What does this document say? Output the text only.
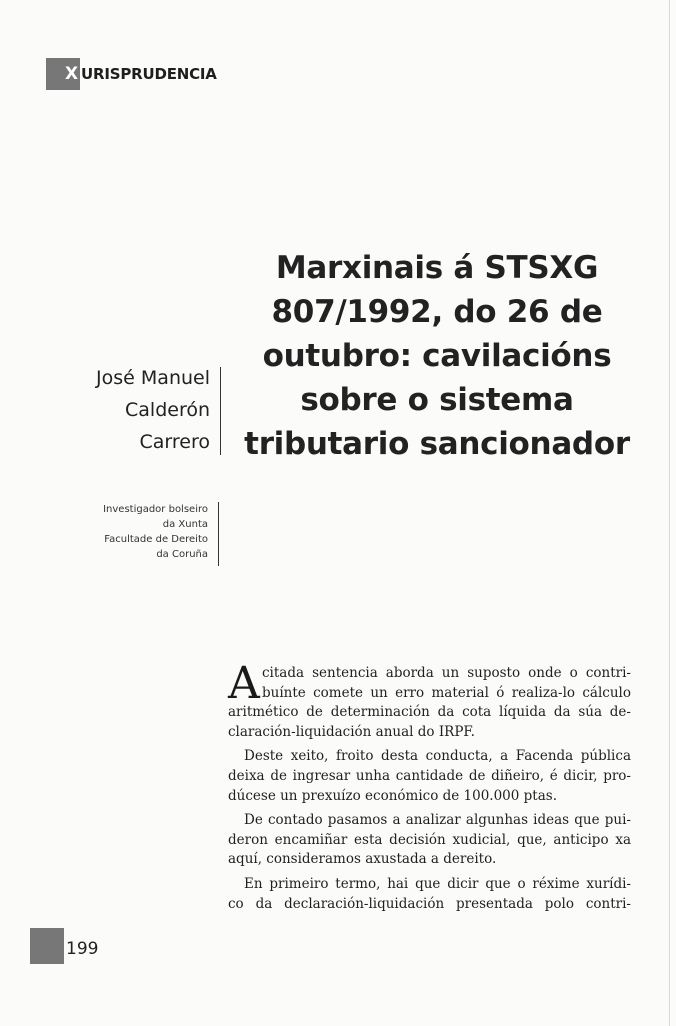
X URISPRUDENCIA
Marxinais á STSXG
807/1992, do 26 de
outubro: cavilacións
sobre o sistema
tributario sancionador
José Manuel
Calderón
Carrero
Investigador bolseiro
da Xunta
Facultade de Dereito
da Coruña
A citada sentencia aborda un suposto onde o contri-
buínte comete un erro material ó realiza-lo cálculo
aritmético de determinación da cota líquida da súa de-
claración-liquidación anual do IRPF.
Deste xeito, froito desta conducta, a Facenda pública
deixa de ingresar unha cantidade de diñeiro, é dicir, pro-
dúcese un prexuízo económico de 100.000 ptas.
De contado pasamos a analizar algunhas ideas que pui-
deron encamiñar esta decisión xudicial, que, anticipo xa
aquí, consideramos axustada a dereito.
En primeiro termo, hai que dicir que o réxime xurídi-
co da declaración-liquidación presentada polo contri-
199
